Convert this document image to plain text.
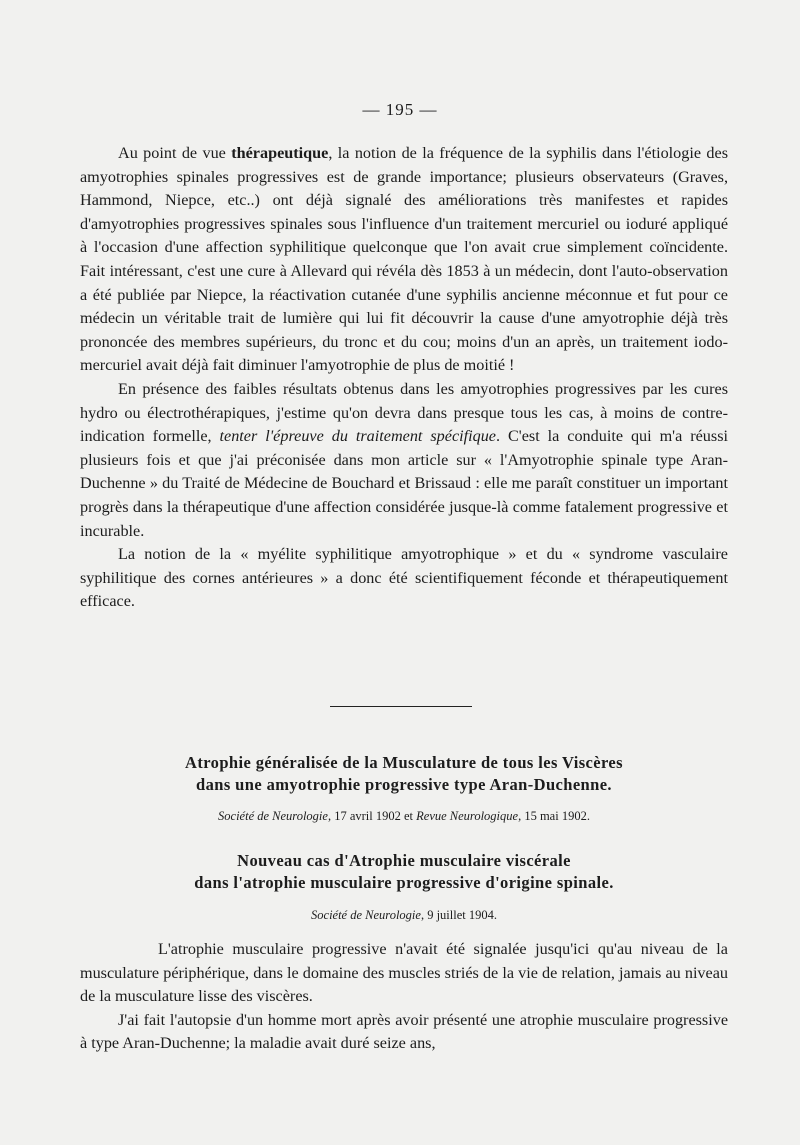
— 195 —

Au point de vue thérapeutique, la notion de la fréquence de la syphilis dans l'étiologie des amyotrophies spinales progressives est de grande importance; plusieurs observateurs (Graves, Hammond, Niepce, etc..) ont déjà signalé des améliorations très manifestes et rapides d'amyotrophies progressives spinales sous l'influence d'un traitement mercuriel ou ioduré appliqué à l'occasion d'une affection syphilitique quelconque que l'on avait crue simplement coïncidente. Fait intéressant, c'est une cure à Allevard qui révéla dès 1853 à un médecin, dont l'auto-observation a été publiée par Niepce, la réactivation cutanée d'une syphilis ancienne méconnue et fut pour ce médecin un véritable trait de lumière qui lui fit découvrir la cause d'une amyotrophie déjà très prononcée des membres supérieurs, du tronc et du cou; moins d'un an après, un traitement iodo-mercuriel avait déjà fait diminuer l'amyotrophie de plus de moitié !

En présence des faibles résultats obtenus dans les amyotrophies progressives par les cures hydro ou électrothérapiques, j'estime qu'on devra dans presque tous les cas, à moins de contre-indication formelle, tenter l'épreuve du traitement spécifique. C'est la conduite qui m'a réussi plusieurs fois et que j'ai préconisée dans mon article sur « l'Amyotrophie spinale type Aran-Duchenne » du Traité de Médecine de Bouchard et Brissaud : elle me paraît constituer un important progrès dans la thérapeutique d'une affection considérée jusque-là comme fatalement progressive et incurable.

La notion de la « myélite syphilitique amyotrophique » et du « syndrome vasculaire syphilitique des cornes antérieures » a donc été scientifiquement féconde et thérapeutiquement efficace.

Atrophie généralisée de la Musculature de tous les Viscères
dans une amyotrophie progressive type Aran-Duchenne.
Société de Neurologie, 17 avril 1902 et Revue Neurologique, 15 mai 1902.
Nouveau cas d'Atrophie musculaire viscérale
dans l'atrophie musculaire progressive d'origine spinale.
Société de Neurologie, 9 juillet 1904.

L'atrophie musculaire progressive n'avait été signalée jusqu'ici qu'au niveau de la musculature périphérique, dans le domaine des muscles striés de la vie de relation, jamais au niveau de la musculature lisse des viscères.

J'ai fait l'autopsie d'un homme mort après avoir présenté une atrophie musculaire progressive à type Aran-Duchenne; la maladie avait duré seize ans,
